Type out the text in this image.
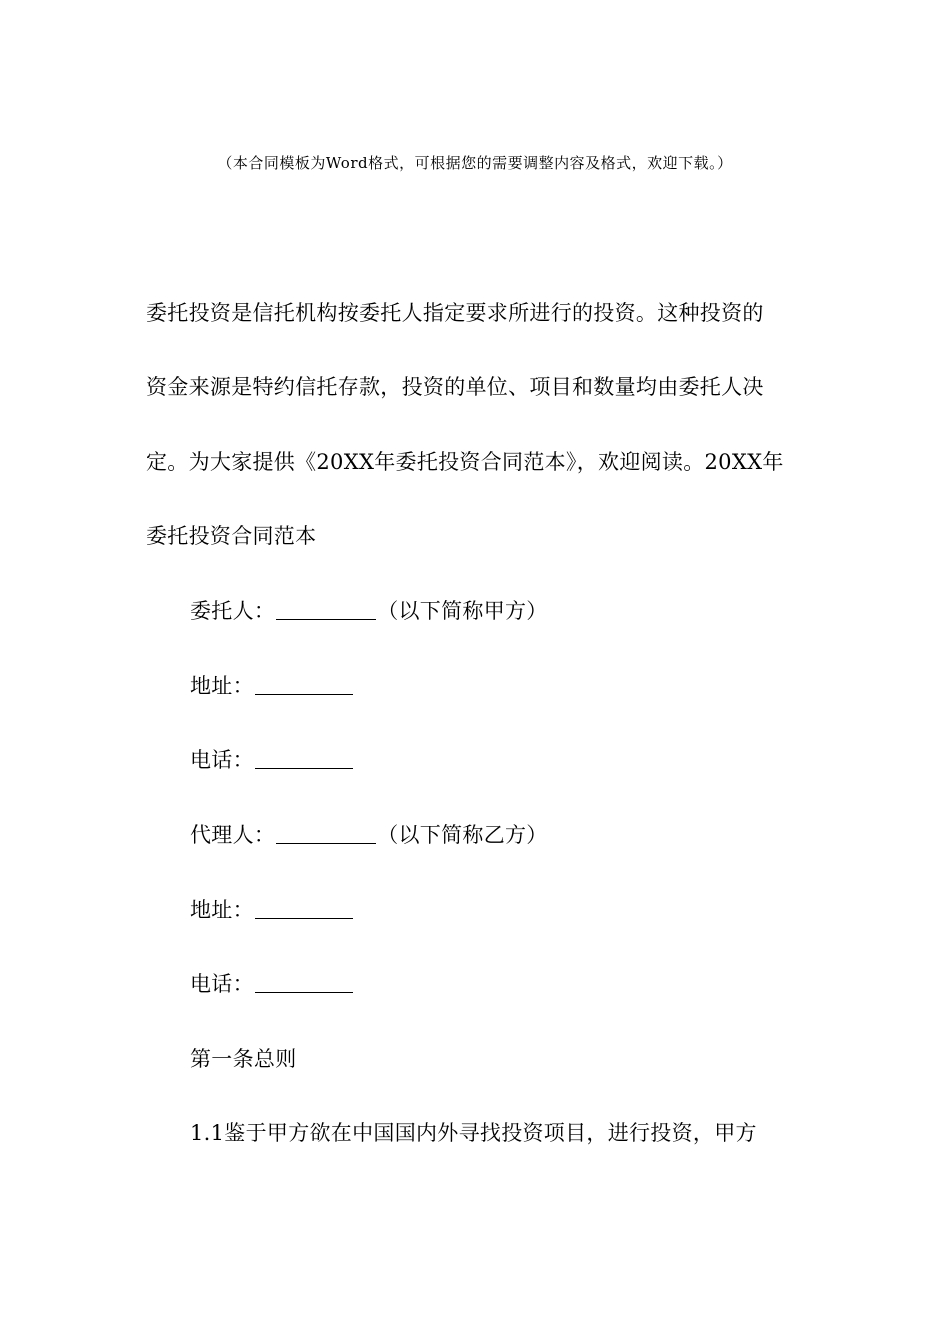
（本合同模板为Word格式，可根据您的需要调整内容及格式，欢迎下载。）
委托投资是信托机构按委托人指定要求所进行的投资。这种投资的
资金来源是特约信托存款，投资的单位、项目和数量均由委托人决
定。为大家提供《20XX年委托投资合同范本》，欢迎阅读。20XX年
委托投资合同范本
委托人：	（以下简称甲方）
地址：
电话：
代理人：	（以下简称乙方）
地址：
电话：
第一条总则
1.1鉴于甲方欲在中国国内外寻找投资项目，进行投资，甲方
